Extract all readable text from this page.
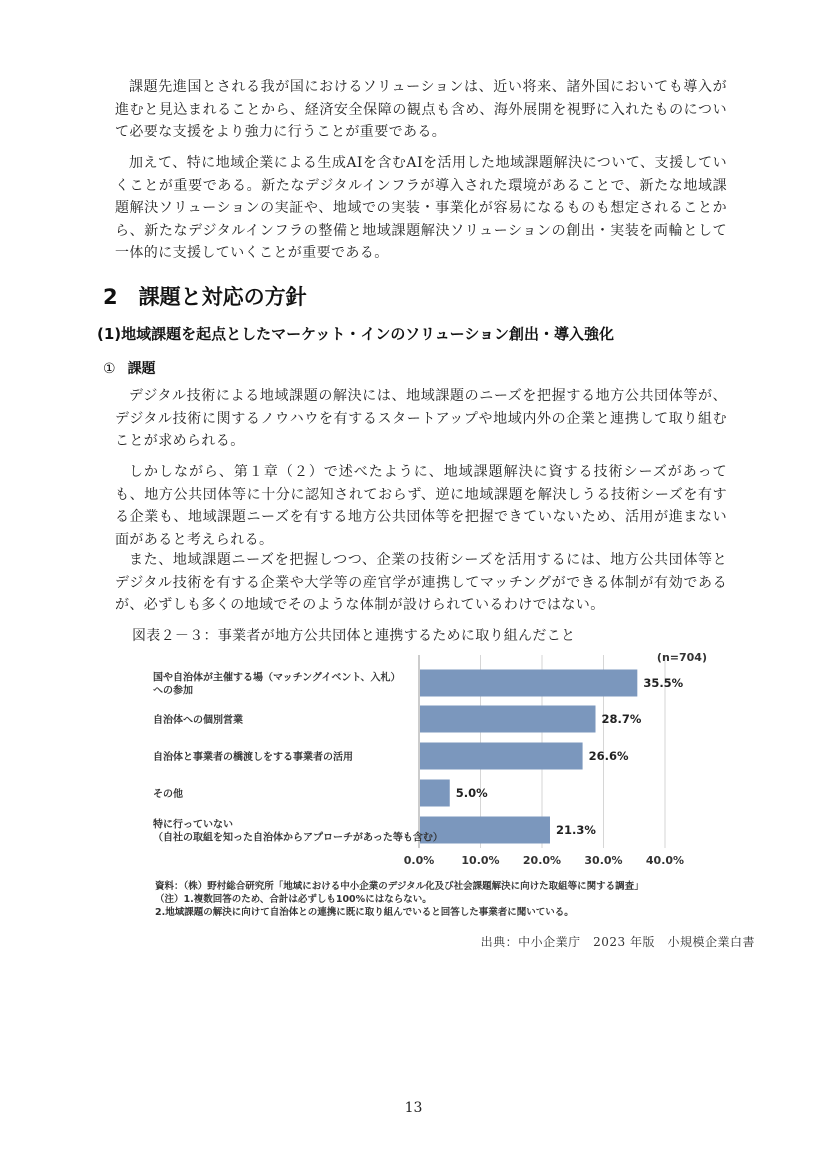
課題先進国とされる我が国におけるソリューションは、近い将来、諸外国においても導入が進むと見込まれることから、経済安全保障の観点も含め、海外展開を視野に入れたものについて必要な支援をより強力に行うことが重要である。

加えて、特に地域企業による生成AIを含むAIを活用した地域課題解決について、支援していくことが重要である。新たなデジタルインフラが導入された環境があることで、新たな地域課題解決ソリューションの実証や、地域での実装・事業化が容易になるものも想定されることから、新たなデジタルインフラの整備と地域課題解決ソリューションの創出・実装を両輪として一体的に支援していくことが重要である。

2　課題と対応の方針
(1)地域課題を起点としたマーケット・インのソリューション創出・導入強化
① 課題

デジタル技術による地域課題の解決には、地域課題のニーズを把握する地方公共団体等が、デジタル技術に関するノウハウを有するスタートアップや地域内外の企業と連携して取り組むことが求められる。

しかしながら、第１章（２）で述べたように、地域課題解決に資する技術シーズがあっても、地方公共団体等に十分に認知されておらず、逆に地域課題を解決しうる技術シーズを有する企業も、地域課題ニーズを有する地方公共団体等を把握できていないため、活用が進まない面があると考えられる。

また、地域課題ニーズを把握しつつ、企業の技術シーズを活用するには、地方公共団体等とデジタル技術を有する企業や大学等の産官学が連携してマッチングができる体制が有効であるが、必ずしも多くの地域でそのような体制が設けられているわけではない。

図表２－３：事業者が地方公共団体と連携するために取り組んだこと
0.0% 10.0% 20.0% 30.0% 40.0%
(n=704)
35.5%
国や自治体が主催する場（マッチングイベント、入札）
への参加
28.7%
自治体への個別営業
26.6%
自治体と事業者の橋渡しをする事業者の活用
5.0%
その他
21.3%
特に行っていない
（自社の取組を知った自治体からアプローチがあった等も含む）
資料：（株）野村総合研究所「地域における中小企業のデジタル化及び社会課題解決に向けた取組等に関する調査」
（注）1.複数回答のため、合計は必ずしも100%にはならない。
2.地域課題の解決に向けて自治体との連携に既に取り組んでいると回答した事業者に聞いている。
出典：中小企業庁　2023 年版　小規模企業白書
13
